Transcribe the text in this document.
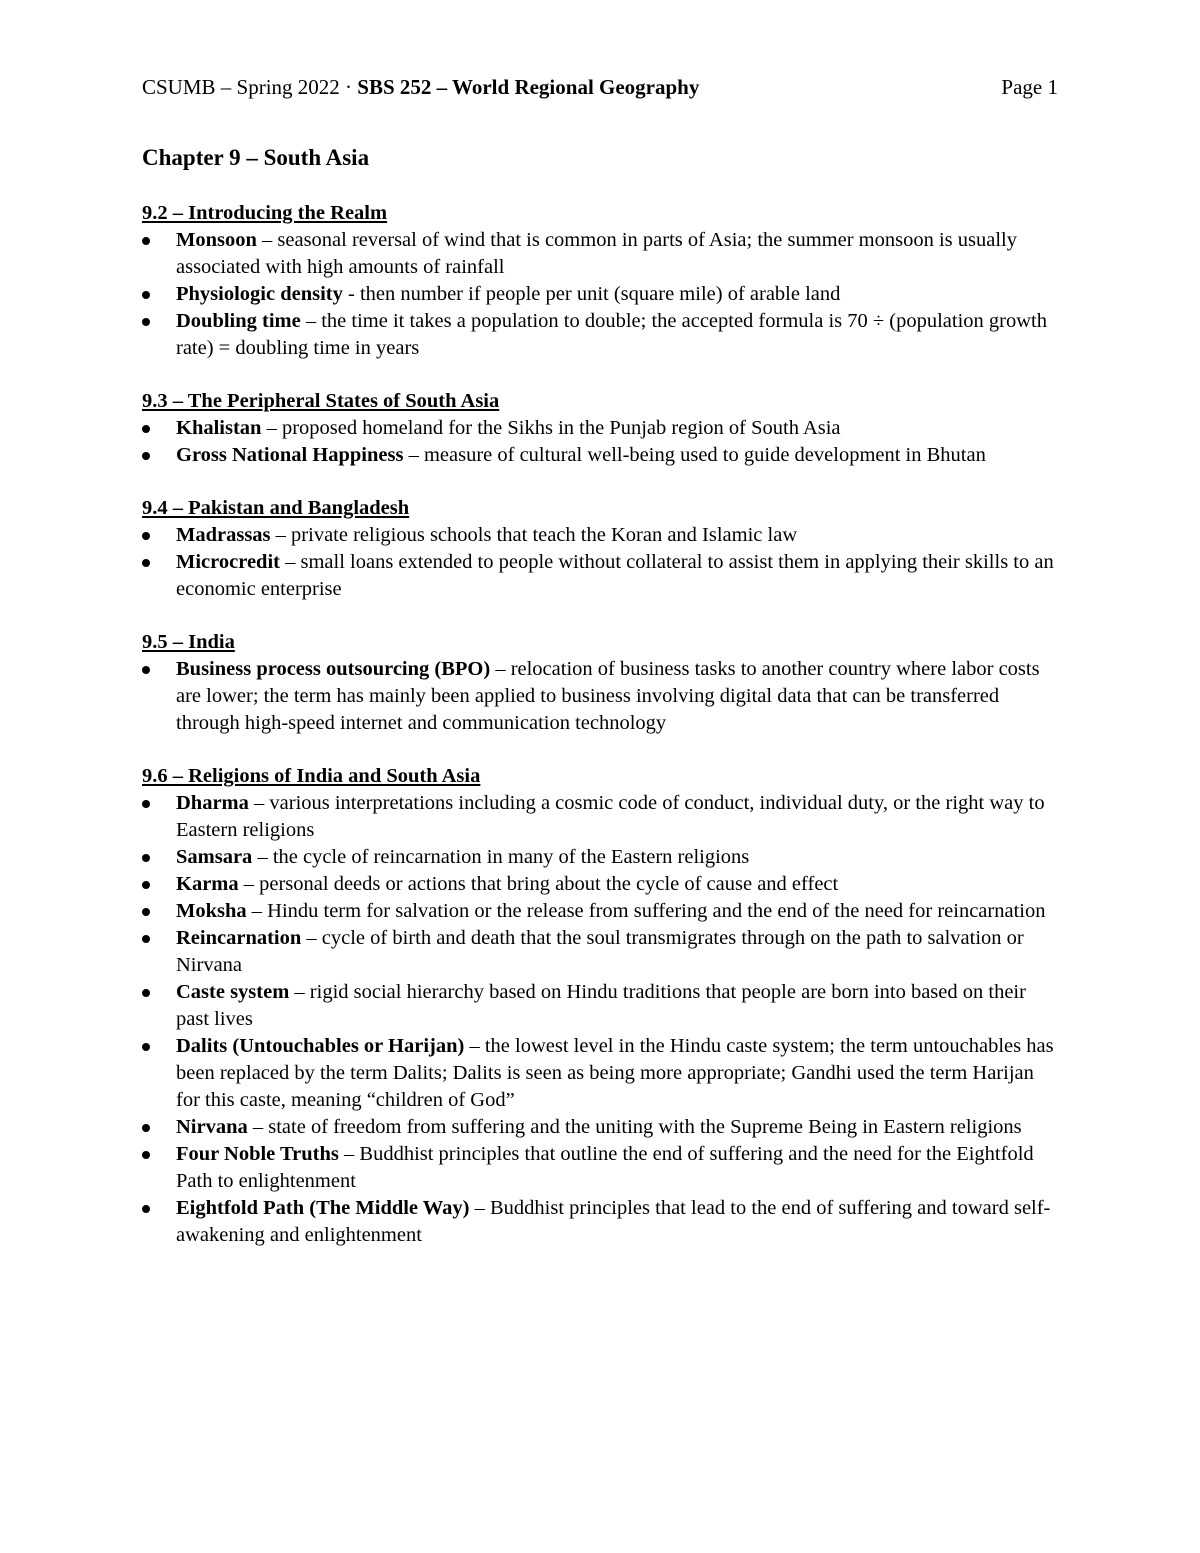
CSUMB – Spring 2022 · SBS 252 – World Regional Geography	Page 1
Chapter 9 – South Asia
9.2 – Introducing the Realm
Monsoon – seasonal reversal of wind that is common in parts of Asia; the summer monsoon is usually associated with high amounts of rainfall
Physiologic density - then number if people per unit (square mile) of arable land
Doubling time – the time it takes a population to double; the accepted formula is 70 ÷ (population growth rate) = doubling time in years
9.3 – The Peripheral States of South Asia
Khalistan – proposed homeland for the Sikhs in the Punjab region of South Asia
Gross National Happiness – measure of cultural well-being used to guide development in Bhutan
9.4 – Pakistan and Bangladesh
Madrassas – private religious schools that teach the Koran and Islamic law
Microcredit – small loans extended to people without collateral to assist them in applying their skills to an economic enterprise
9.5 – India
Business process outsourcing (BPO) – relocation of business tasks to another country where labor costs are lower; the term has mainly been applied to business involving digital data that can be transferred through high-speed internet and communication technology
9.6 – Religions of India and South Asia
Dharma – various interpretations including a cosmic code of conduct, individual duty, or the right way to Eastern religions
Samsara – the cycle of reincarnation in many of the Eastern religions
Karma – personal deeds or actions that bring about the cycle of cause and effect
Moksha – Hindu term for salvation or the release from suffering and the end of the need for reincarnation
Reincarnation – cycle of birth and death that the soul transmigrates through on the path to salvation or Nirvana
Caste system – rigid social hierarchy based on Hindu traditions that people are born into based on their past lives
Dalits (Untouchables or Harijan) – the lowest level in the Hindu caste system; the term untouchables has been replaced by the term Dalits; Dalits is seen as being more appropriate; Gandhi used the term Harijan for this caste, meaning “children of God”
Nirvana – state of freedom from suffering and the uniting with the Supreme Being in Eastern religions
Four Noble Truths – Buddhist principles that outline the end of suffering and the need for the Eightfold Path to enlightenment
Eightfold Path (The Middle Way) – Buddhist principles that lead to the end of suffering and toward self-awakening and enlightenment
